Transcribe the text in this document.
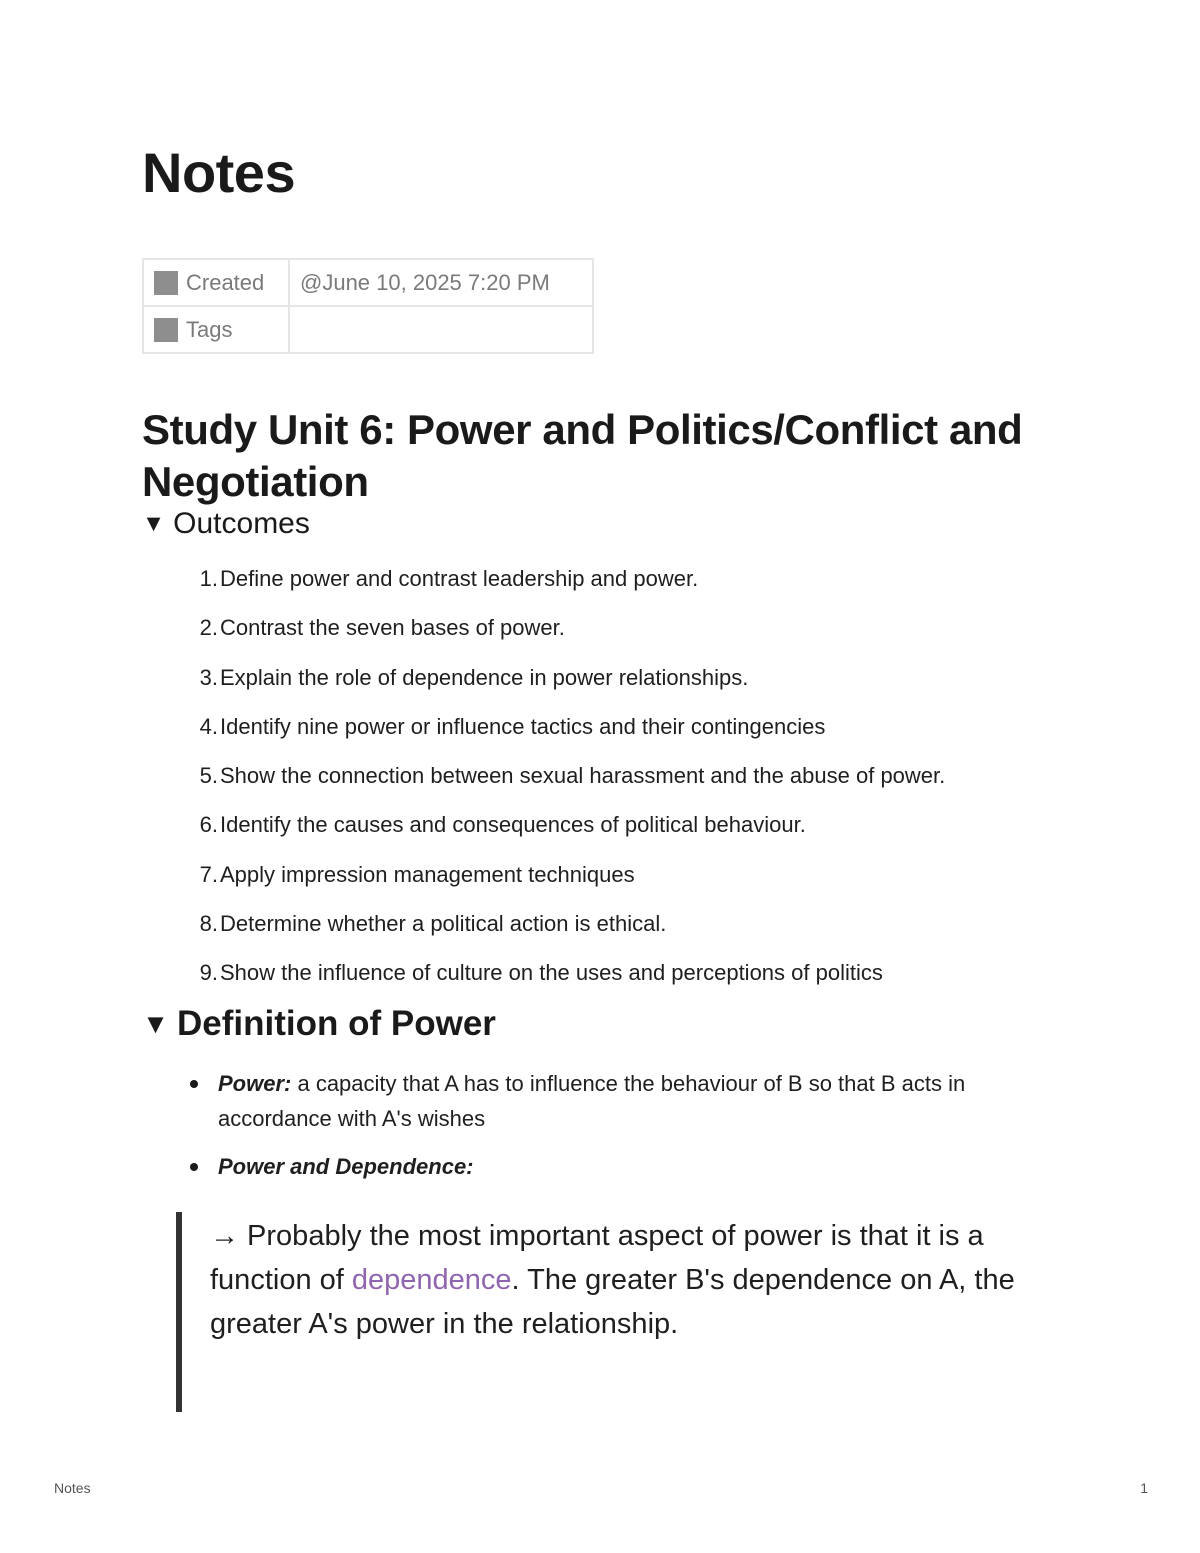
Notes
Created	@June 10, 2025 7:20 PM
Tags	
Study Unit 6: Power and Politics/Conflict and Negotiation
▼ Outcomes
1.Define power and contrast leadership and power.
2.Contrast the seven bases of power.
3.Explain the role of dependence in power relationships.
4.Identify nine power or influence tactics and their contingencies
5.Show the connection between sexual harassment and the abuse of power.
6.Identify the causes and consequences of political behaviour.
7.Apply impression management techniques
8.Determine whether a political action is ethical.
9.Show the influence of culture on the uses and perceptions of politics
▼ Definition of Power
Power: a capacity that A has to influence the behaviour of B so that B acts in accordance with A's wishes
Power and Dependence:
→ Probably the most important aspect of power is that it is a function of dependence. The greater B's dependence on A, the greater A's power in the relationship.
Notes	1
